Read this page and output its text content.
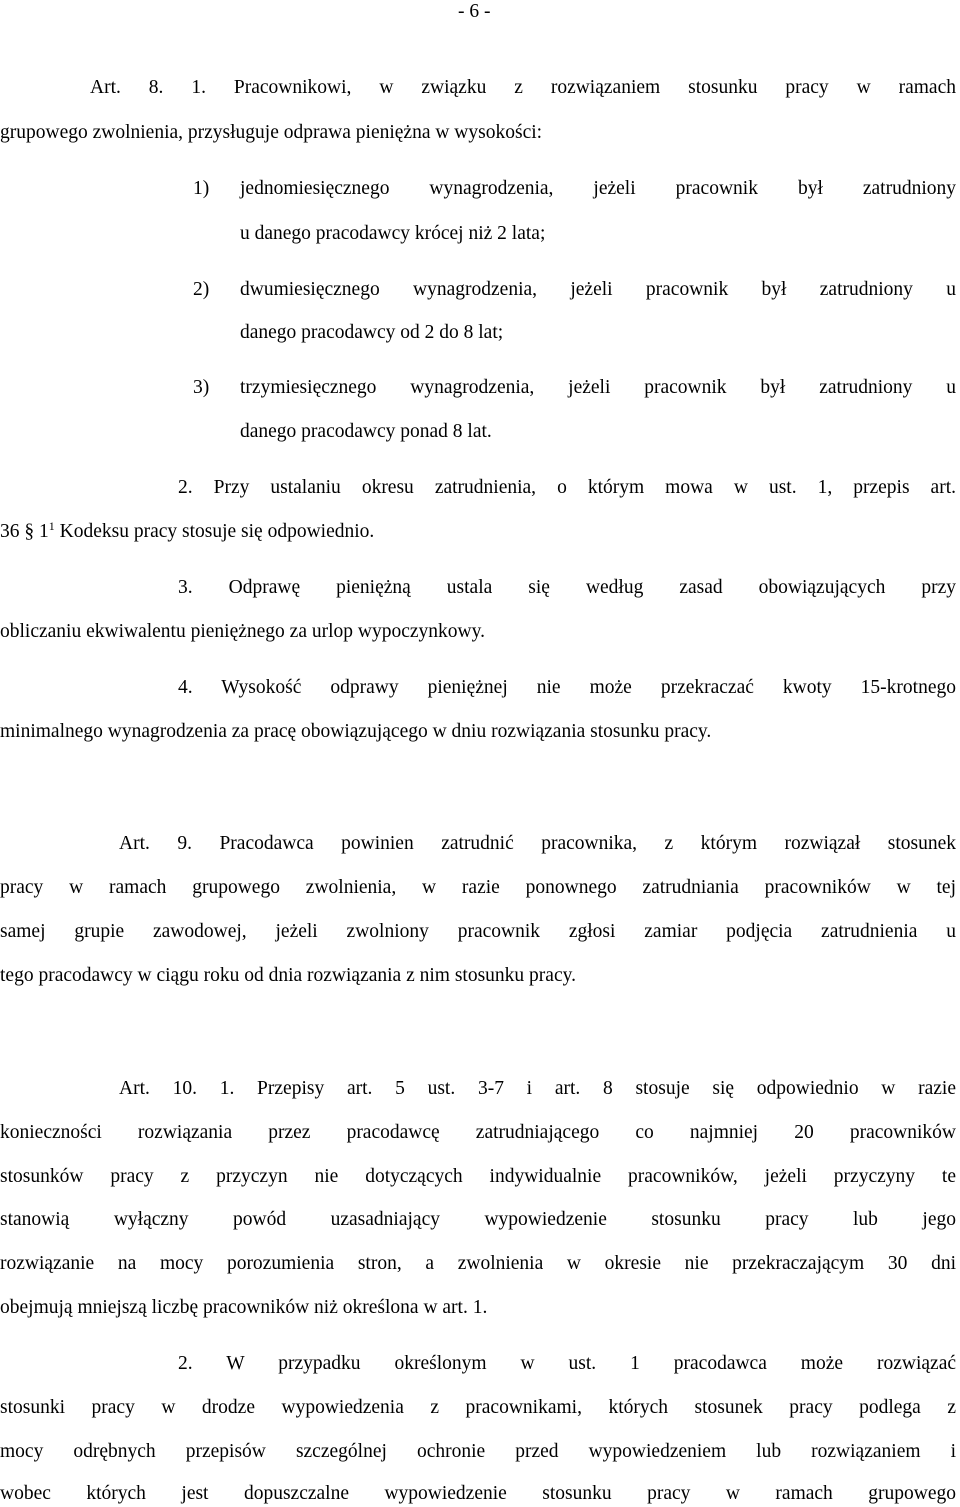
- 6 -
Art. 8. 1. Pracownikowi, w związku z rozwiązaniem stosunku pracy w ramach
grupowego zwolnienia, przysługuje odprawa pieniężna w wysokości:
1) jednomiesięcznego wynagrodzenia, jeżeli pracownik był zatrudniony
u danego pracodawcy krócej niż 2 lata;
2) dwumiesięcznego wynagrodzenia, jeżeli pracownik był zatrudniony u
danego pracodawcy od 2 do 8 lat;
3) trzymiesięcznego wynagrodzenia, jeżeli pracownik był zatrudniony u
danego pracodawcy ponad 8 lat.
2. Przy ustalaniu okresu zatrudnienia, o którym mowa w ust. 1, przepis art.
36 § $1^1$ Kodeksu pracy stosuje się odpowiednio.
3. Odprawę pieniężną ustala się według zasad obowiązujących przy
obliczaniu ekwiwalentu pieniężnego za urlop wypoczynkowy.
4. Wysokość odprawy pieniężnej nie może przekraczać kwoty 15-krotnego
minimalnego wynagrodzenia za pracę obowiązującego w dniu rozwiązania stosunku pracy.
Art. 9. Pracodawca powinien zatrudnić pracownika, z którym rozwiązał stosunek
pracy w ramach grupowego zwolnienia, w razie ponownego zatrudniania pracowników w tej
samej grupie zawodowej, jeżeli zwolniony pracownik zgłosi zamiar podjęcia zatrudnienia u
tego pracodawcy w ciągu roku od dnia rozwiązania z nim stosunku pracy.
Art. 10. 1. Przepisy art. 5 ust. 3-7 i art. 8 stosuje się odpowiednio w razie
konieczności rozwiązania przez pracodawcę zatrudniającego co najmniej 20 pracowników
stosunków pracy z przyczyn nie dotyczących indywidualnie pracowników, jeżeli przyczyny te
stanowią wyłączny powód uzasadniający wypowiedzenie stosunku pracy lub jego
rozwiązanie na mocy porozumienia stron, a zwolnienia w okresie nie przekraczającym 30 dni
obejmują mniejszą liczbę pracowników niż określona w art. 1.
2. W przypadku określonym w ust. 1 pracodawca może rozwiązać
stosunki pracy w drodze wypowiedzenia z pracownikami, których stosunek pracy podlega z
mocy odrębnych przepisów szczególnej ochronie przed wypowiedzeniem lub rozwiązaniem i
wobec których jest dopuszczalne wypowiedzenie stosunku pracy w ramach grupowego
